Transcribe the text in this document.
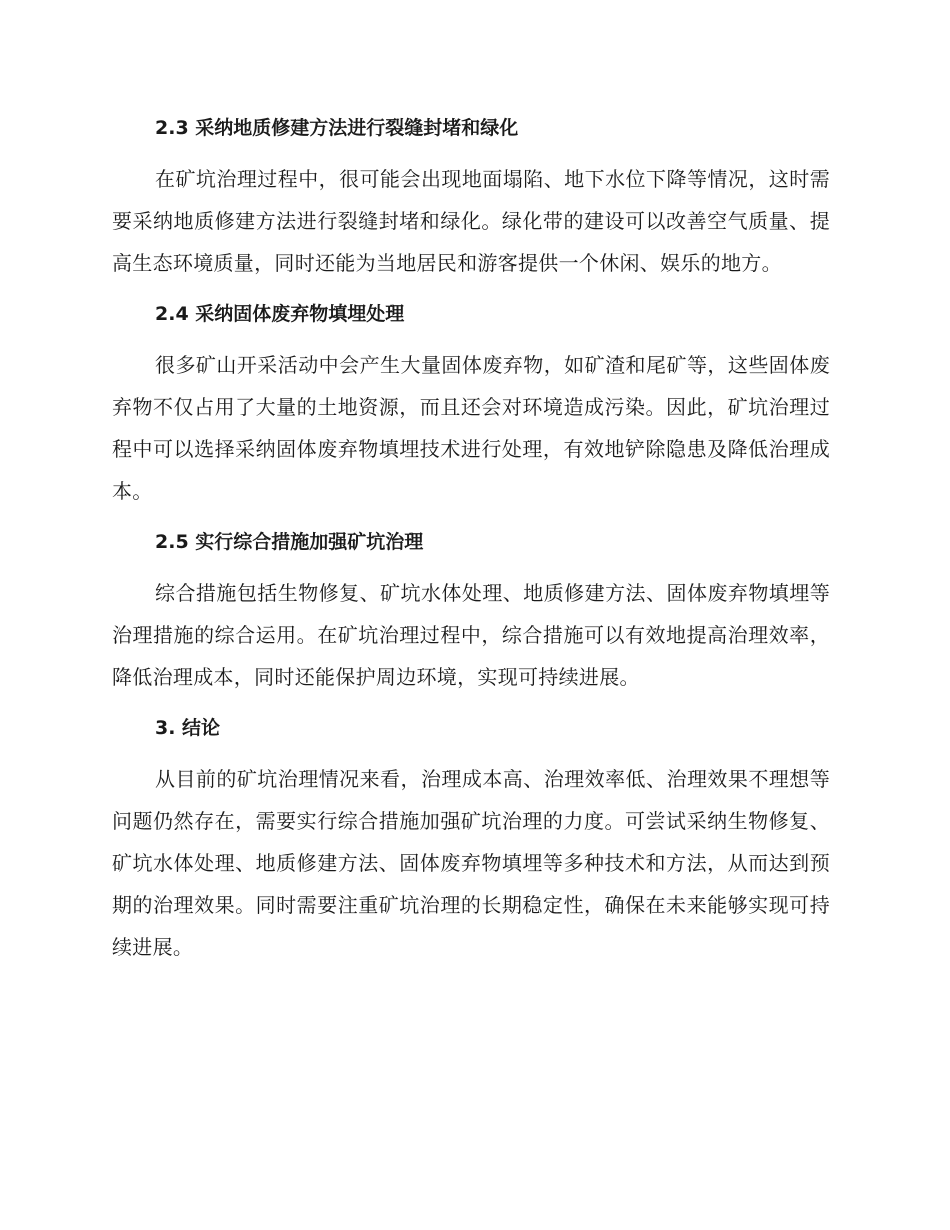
2.3 采纳地质修建方法进行裂缝封堵和绿化

在矿坑治理过程中，很可能会出现地面塌陷、地下水位下降等情况，这时需要采纳地质修建方法进行裂缝封堵和绿化。绿化带的建设可以改善空气质量、提高生态环境质量，同时还能为当地居民和游客提供一个休闲、娱乐的地方。

2.4 采纳固体废弃物填埋处理

很多矿山开采活动中会产生大量固体废弃物，如矿渣和尾矿等，这些固体废弃物不仅占用了大量的土地资源，而且还会对环境造成污染。因此，矿坑治理过程中可以选择采纳固体废弃物填埋技术进行处理，有效地铲除隐患及降低治理成本。

2.5 实行综合措施加强矿坑治理

综合措施包括生物修复、矿坑水体处理、地质修建方法、固体废弃物填埋等治理措施的综合运用。在矿坑治理过程中，综合措施可以有效地提高治理效率，降低治理成本，同时还能保护周边环境，实现可持续进展。

3. 结论

从目前的矿坑治理情况来看，治理成本高、治理效率低、治理效果不理想等问题仍然存在，需要实行综合措施加强矿坑治理的力度。可尝试采纳生物修复、矿坑水体处理、地质修建方法、固体废弃物填埋等多种技术和方法，从而达到预期的治理效果。同时需要注重矿坑治理的长期稳定性，确保在未来能够实现可持续进展。
